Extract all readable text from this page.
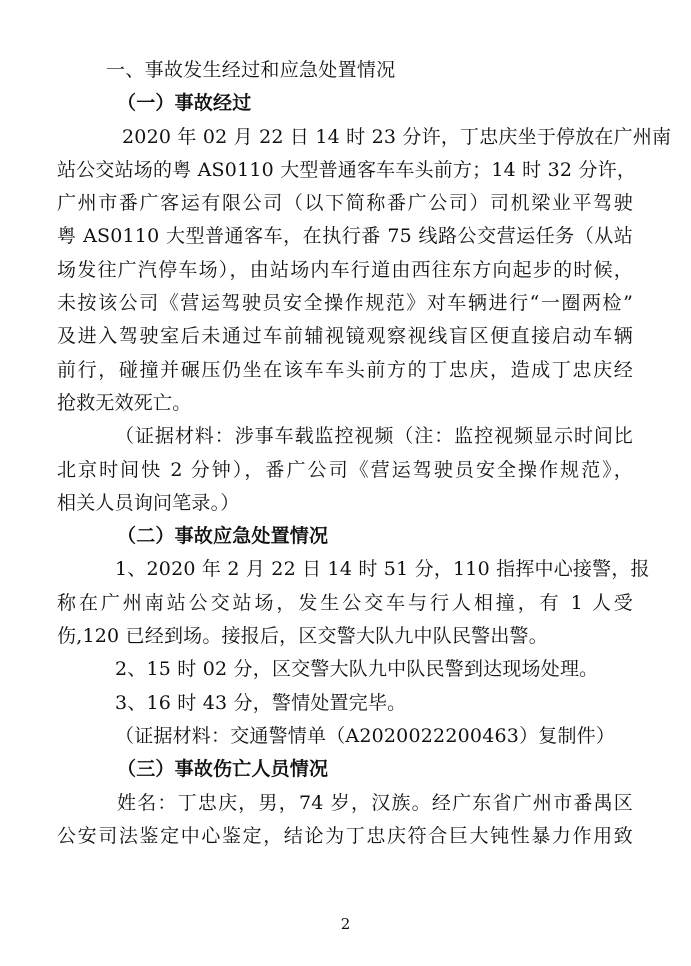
一、事故发生经过和应急处置情况
（一）事故经过
2020 年 02 月 22 日 14 时 23 分许，丁忠庆坐于停放在广州南
站公交站场的粤 AS0110 大型普通客车车头前方；14 时 32 分许，
广州市番广客运有限公司（以下简称番广公司）司机梁业平驾驶
粤 AS0110 大型普通客车，在执行番 75 线路公交营运任务（从站
场发往广汽停车场），由站场内车行道由西往东方向起步的时候，
未按该公司《营运驾驶员安全操作规范》对车辆进行“一圈两检”
及进入驾驶室后未通过车前辅视镜观察视线盲区便直接启动车辆
前行，碰撞并碾压仍坐在该车车头前方的丁忠庆，造成丁忠庆经
抢救无效死亡。
（证据材料：涉事车载监控视频（注：监控视频显示时间比
北京时间快 2 分钟），番广公司《营运驾驶员安全操作规范》，
相关人员询问笔录。）
（二）事故应急处置情况
1、2020 年 2 月 22 日 14 时 51 分，110 指挥中心接警，报
称在广州南站公交站场，发生公交车与行人相撞，有 1 人受
伤,120 已经到场。接报后，区交警大队九中队民警出警。
2、15 时 02 分，区交警大队九中队民警到达现场处理。
3、16 时 43 分，警情处置完毕。
（证据材料：交通警情单（A2020022200463）复制件）
（三）事故伤亡人员情况
姓名：丁忠庆，男，74 岁，汉族。经广东省广州市番禺区
公安司法鉴定中心鉴定，结论为丁忠庆符合巨大钝性暴力作用致
2
